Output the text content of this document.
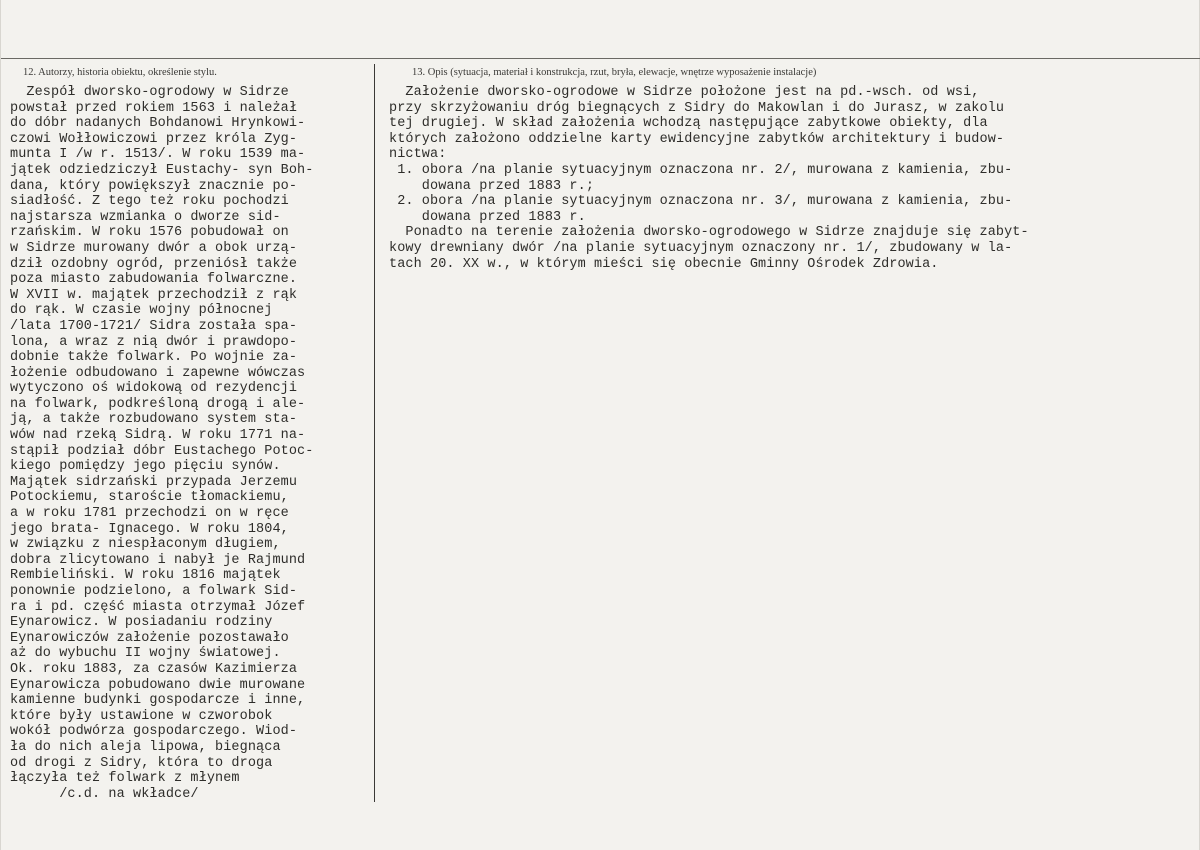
12. Autorzy, historia obiektu, określenie stylu.	13. Opis (sytuacja, materiał i konstrukcja, rzut, bryła, elewacje, wnętrze wyposażenie instalacje)
Zespół dworsko-ogrodowy w Sidrze
powstał przed rokiem 1563 i należał
do dóbr nadanych Bohdanowi Hrynkowi-
czowi Wołłowiczowi przez króla Zyg-
munta I /w r. 1513/. W roku 1539 ma-
jątek odziedziczył Eustachy- syn Boh-
dana, który powiększył znacznie po-
siadłość. Z tego też roku pochodzi
najstarsza wzmianka o dworze sid-
rzańskim. W roku 1576 pobudował on
w Sidrze murowany dwór a obok urzą-
dził ozdobny ogród, przeniósł także
poza miasto zabudowania folwarczne.
W XVII w. majątek przechodził z rąk
do rąk. W czasie wojny północnej
/lata 1700-1721/ Sidra została spa-
lona, a wraz z nią dwór i prawdopo-
dobnie także folwark. Po wojnie za-
łożenie odbudowano i zapewne wówczas
wytyczono oś widokową od rezydencji
na folwark, podkreśloną drogą i ale-
ją, a także rozbudowano system sta-
wów nad rzeką Sidrą. W roku 1771 na-
stąpił podział dóbr Eustachego Potoc-
kiego pomiędzy jego pięciu synów.
Majątek sidrzański przypada Jerzemu
Potockiemu, staroście tłomackiemu,
a w roku 1781 przechodzi on w ręce
jego brata- Ignacego. W roku 1804,
w związku z niespłaconym długiem,
dobra zlicytowano i nabył je Rajmund
Rembieliński. W roku 1816 majątek
ponownie podzielono, a folwark Sid-
ra i pd. część miasta otrzymał Józef
Eynarowicz. W posiadaniu rodziny
Eynarowiczów założenie pozostawało
aż do wybuchu II wojny światowej.
Ok. roku 1883, za czasów Kazimierza
Eynarowicza pobudowano dwie murowane
kamienne budynki gospodarcze i inne,
które były ustawione w czworobok
wokół podwórza gospodarczego. Wiod-
ła do nich aleja lipowa, biegnąca
od drogi z Sidry, która to droga
łączyła też folwark z młynem
/c.d. na wkładce/
Założenie dworsko-ogrodowe w Sidrze położone jest na pd.-wsch. od wsi,
przy skrzyżowaniu dróg biegnących z Sidry do Makowlan i do Jurasz, w zakolu
tej drugiej. W skład założenia wchodzą następujące zabytkowe obiekty, dla
których założono oddzielne karty ewidencyjne zabytków architektury i budow-
nictwa:
1. obora /na planie sytuacyjnym oznaczona nr. 2/, murowana z kamienia, zbu-
dowana przed 1883 r.;
2. obora /na planie sytuacyjnym oznaczona nr. 3/, murowana z kamienia, zbu-
dowana przed 1883 r.
Ponadto na terenie założenia dworsko-ogrodowego w Sidrze znajduje się zabyt-
kowy drewniany dwór /na planie sytuacyjnym oznaczony nr. 1/, zbudowany w la-
tach 20. XX w., w którym mieści się obecnie Gminny Ośrodek Zdrowia.
